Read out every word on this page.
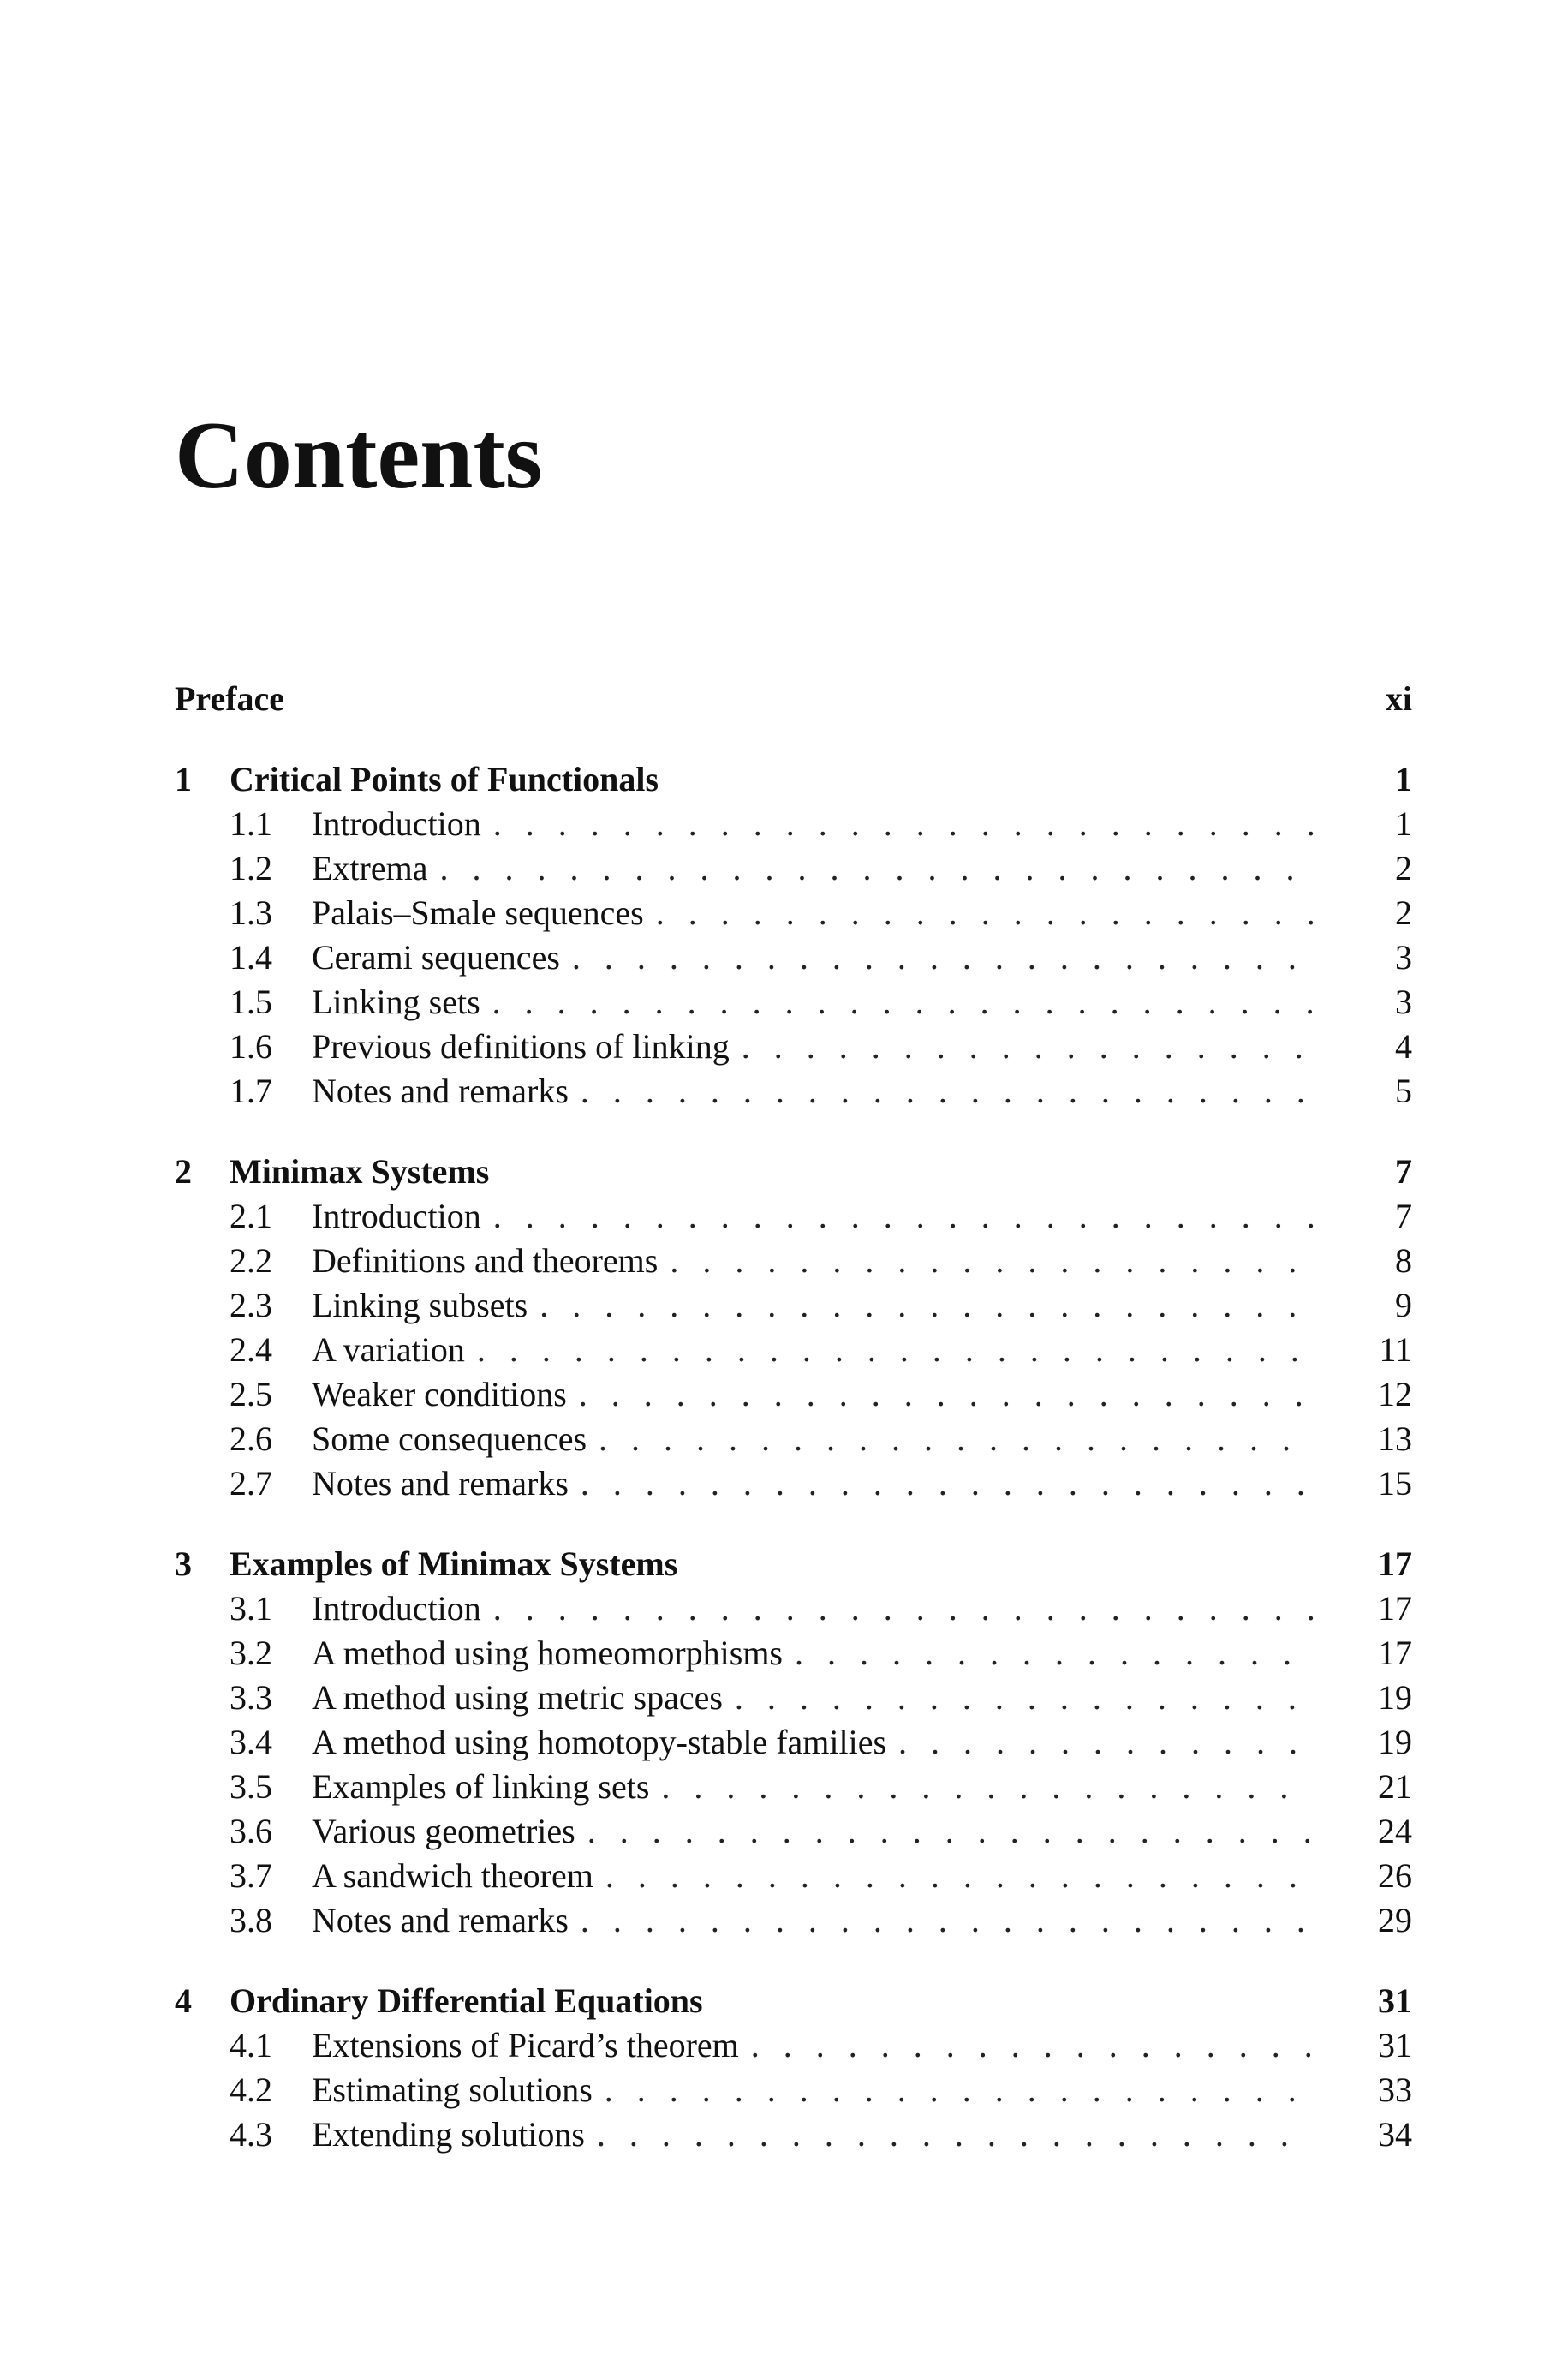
Contents
Preface	xi
1	Critical Points of Functionals	1
1.1	Introduction . . .	1
1.2	Extrema . . .	2
1.3	Palais–Smale sequences . . .	2
1.4	Cerami sequences . . .	3
1.5	Linking sets . . .	3
1.6	Previous definitions of linking . . .	4
1.7	Notes and remarks . . .	5
2	Minimax Systems	7
2.1	Introduction . . .	7
2.2	Definitions and theorems . . .	8
2.3	Linking subsets . . .	9
2.4	A variation . . .	11
2.5	Weaker conditions . . .	12
2.6	Some consequences . . .	13
2.7	Notes and remarks . . .	15
3	Examples of Minimax Systems	17
3.1	Introduction . . .	17
3.2	A method using homeomorphisms . . .	17
3.3	A method using metric spaces . . .	19
3.4	A method using homotopy-stable families . . .	19
3.5	Examples of linking sets . . .	21
3.6	Various geometries . . .	24
3.7	A sandwich theorem . . .	26
3.8	Notes and remarks . . .	29
4	Ordinary Differential Equations	31
4.1	Extensions of Picard’s theorem . . .	31
4.2	Estimating solutions . . .	33
4.3	Extending solutions . . .	34
